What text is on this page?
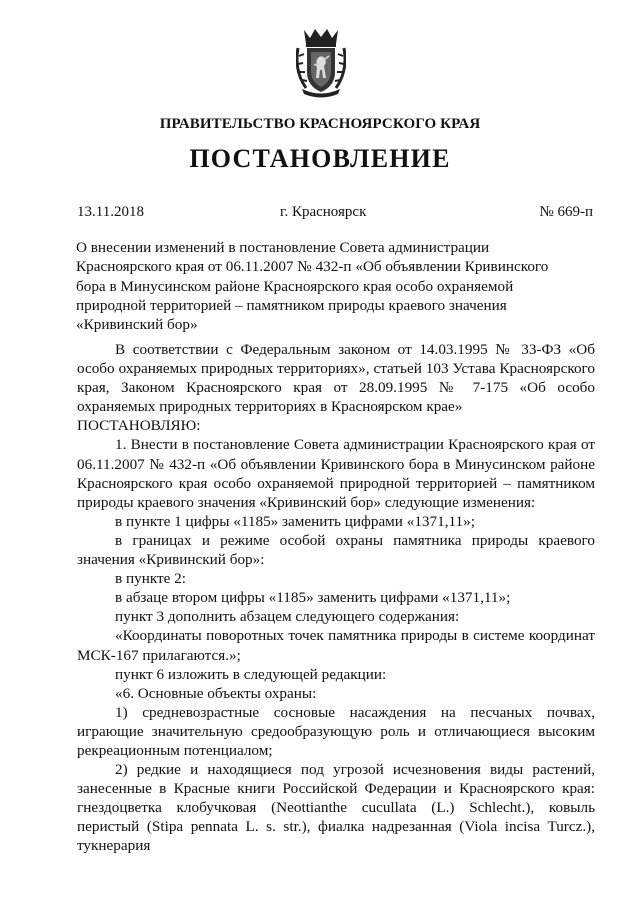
ПРАВИТЕЛЬСТВО КРАСНОЯРСКОГО КРАЯ
ПОСТАНОВЛЕНИЕ
13.11.2018	г. Красноярск	№ 669-п
О внесении изменений в постановление Совета администрации Красноярского края от 06.11.2007 № 432-п «Об объявлении Кривинского бора в Минусинском районе Красноярского края особо охраняемой природной территорией – памятником природы краевого значения «Кривинский бор»

В соответствии с Федеральным законом от 14.03.1995 № 33-ФЗ «Об особо охраняемых природных территориях», статьей 103 Устава Красноярского края, Законом Красноярского края от 28.09.1995 № 7-175 «Об особо охраняемых природных территориях в Красноярском крае»

ПОСТАНОВЛЯЮ:

1. Внести в постановление Совета администрации Красноярского края от 06.11.2007 № 432-п «Об объявлении Кривинского бора в Минусинском районе Красноярского края особо охраняемой природной территорией – памятником природы краевого значения «Кривинский бор» следующие изменения:

в пункте 1 цифры «1185» заменить цифрами «1371,11»;

в границах и режиме особой охраны памятника природы краевого значения «Кривинский бор»:

в пункте 2:

в абзаце втором цифры «1185» заменить цифрами «1371,11»;

пункт 3 дополнить абзацем следующего содержания:

«Координаты поворотных точек памятника природы в системе координат МСК-167 прилагаются.»;

пункт 6 изложить в следующей редакции:

«6. Основные объекты охраны:

1) средневозрастные сосновые насаждения на песчаных почвах, играющие значительную средообразующую роль и отличающиеся высоким рекреационным потенциалом;

2) редкие и находящиеся под угрозой исчезновения виды растений, занесенные в Красные книги Российской Федерации и Красноярского края: гнездоцветка клобучковая (Neottianthe cucullata (L.) Schlecht.), ковыль перистый (Stipa pennata L. s. str.), фиалка надрезанная (Viola incisa Turcz.), тукнерария
